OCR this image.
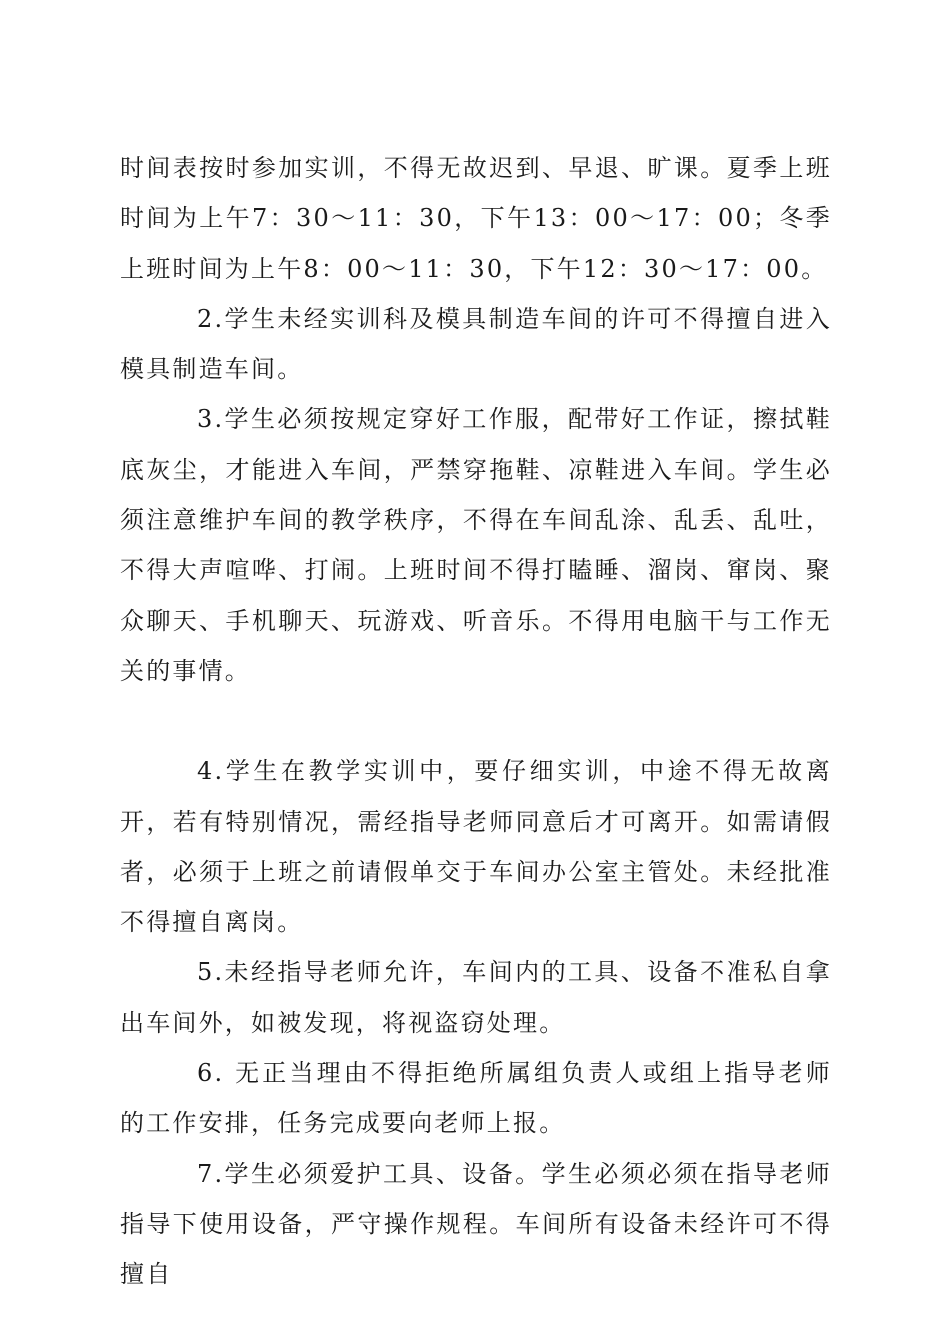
时间表按时参加实训，不得无故迟到、早退、旷课。夏季上班时间为上午7：30～11：30，下午13：00～17：00；冬季上班时间为上午8：00～11：30，下午12：30～17：00。

2.学生未经实训科及模具制造车间的许可不得擅自进入模具制造车间。

3.学生必须按规定穿好工作服，配带好工作证，擦拭鞋底灰尘，才能进入车间，严禁穿拖鞋、凉鞋进入车间。学生必须注意维护车间的教学秩序，不得在车间乱涂、乱丢、乱吐，不得大声喧哗、打闹。上班时间不得打瞌睡、溜岗、窜岗、聚众聊天、手机聊天、玩游戏、听音乐。不得用电脑干与工作无关的事情。

4.学生在教学实训中，要仔细实训，中途不得无故离开，若有特别情况，需经指导老师同意后才可离开。如需请假者，必须于上班之前请假单交于车间办公室主管处。未经批准不得擅自离岗。

5.未经指导老师允许，车间内的工具、设备不准私自拿出车间外，如被发现，将视盗窃处理。

6. 无正当理由不得拒绝所属组负责人或组上指导老师的工作安排，任务完成要向老师上报。

7.学生必须爱护工具、设备。学生必须必须在指导老师指导下使用设备，严守操作规程。车间所有设备未经许可不得擅自
